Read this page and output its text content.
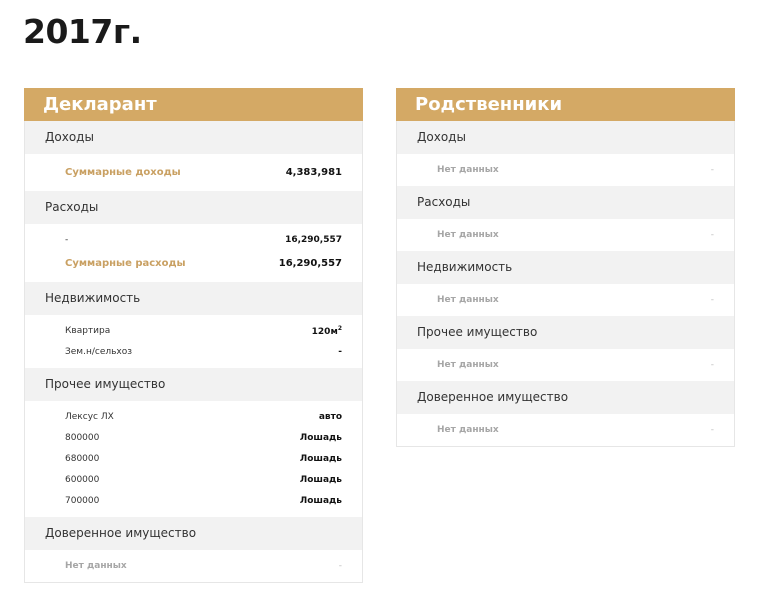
2017г.
Декларант
Доходы
Суммарные доходы	4,383,981
Расходы
-	16,290,557
Суммарные расходы	16,290,557
Недвижимость
Квартира	$120м^2$
Зем.н/сельхоз	-
Прочее имущество
Лексус ЛХ	авто
800000	Лошадь
680000	Лошадь
600000	Лошадь
700000	Лошадь
Доверенное имущество
Нет данных	-
Родственники
Доходы
Нет данных	-
Расходы
Нет данных	-
Недвижимость
Нет данных	-
Прочее имущество
Нет данных	-
Доверенное имущество
Нет данных	-
